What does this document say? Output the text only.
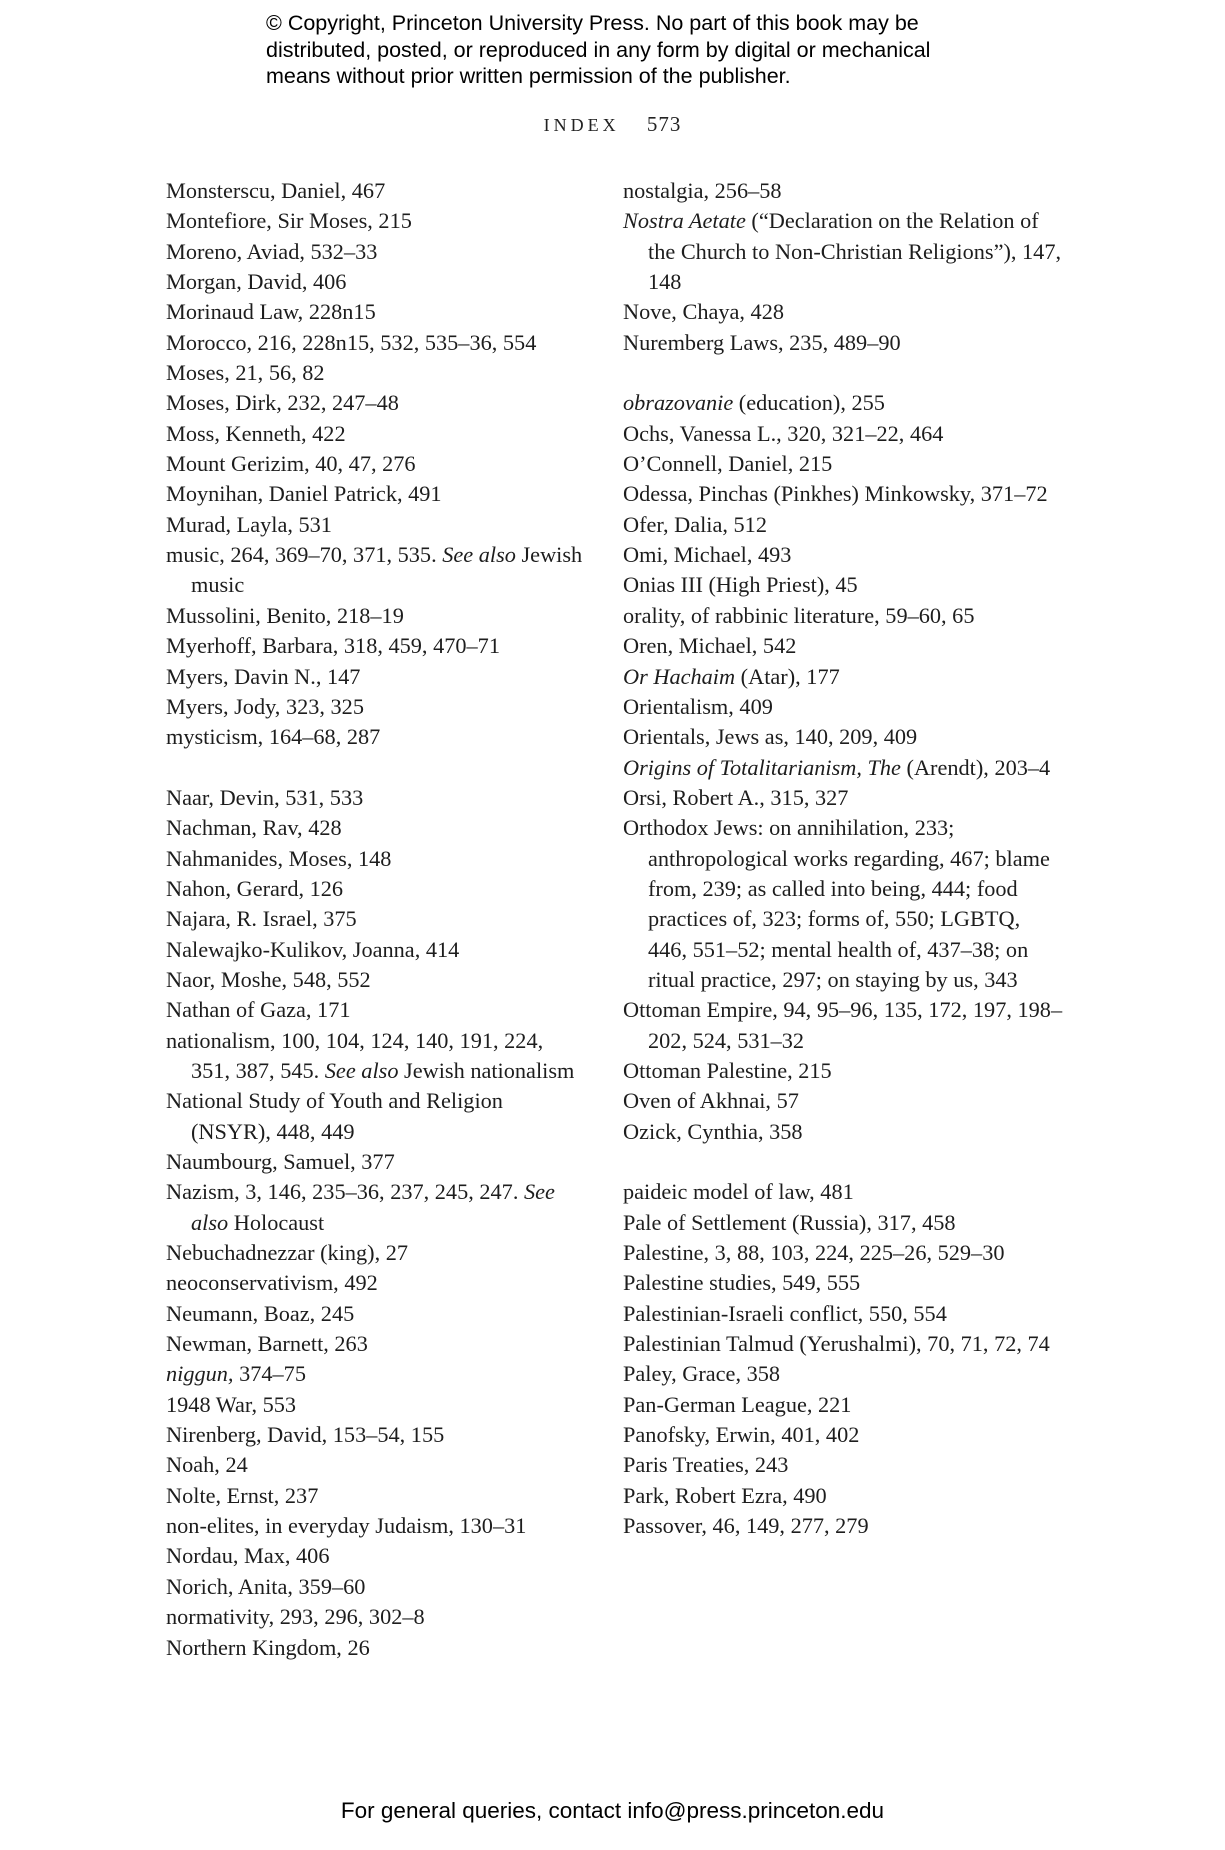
© Copyright, Princeton University Press. No part of this book may be
distributed, posted, or reproduced in any form by digital or mechanical
means without prior written permission of the publisher.
INDEX 573
Monsterscu, Daniel, 467
Montefiore, Sir Moses, 215
Moreno, Aviad, 532–33
Morgan, David, 406
Morinaud Law, 228n15
Morocco, 216, 228n15, 532, 535–36, 554
Moses, 21, 56, 82
Moses, Dirk, 232, 247–48
Moss, Kenneth, 422
Mount Gerizim, 40, 47, 276
Moynihan, Daniel Patrick, 491
Murad, Layla, 531
music, 264, 369–70, 371, 535. See also Jewish music
Mussolini, Benito, 218–19
Myerhoff, Barbara, 318, 459, 470–71
Myers, Davin N., 147
Myers, Jody, 323, 325
mysticism, 164–68, 287
Naar, Devin, 531, 533
Nachman, Rav, 428
Nahmanides, Moses, 148
Nahon, Gerard, 126
Najara, R. Israel, 375
Nalewajko-Kulikov, Joanna, 414
Naor, Moshe, 548, 552
Nathan of Gaza, 171
nationalism, 100, 104, 124, 140, 191, 224, 351, 387, 545. See also Jewish nationalism
National Study of Youth and Religion (NSYR), 448, 449
Naumbourg, Samuel, 377
Nazism, 3, 146, 235–36, 237, 245, 247. See also Holocaust
Nebuchadnezzar (king), 27
neoconservativism, 492
Neumann, Boaz, 245
Newman, Barnett, 263
niggun, 374–75
1948 War, 553
Nirenberg, David, 153–54, 155
Noah, 24
Nolte, Ernst, 237
non-elites, in everyday Judaism, 130–31
Nordau, Max, 406
Norich, Anita, 359–60
normativity, 293, 296, 302–8
Northern Kingdom, 26
nostalgia, 256–58
Nostra Aetate (“Declaration on the Relation of the Church to Non-Christian Religions”), 147, 148
Nove, Chaya, 428
Nuremberg Laws, 235, 489–90
obrazovanie (education), 255
Ochs, Vanessa L., 320, 321–22, 464
O’Connell, Daniel, 215
Odessa, Pinchas (Pinkhes) Minkowsky, 371–72
Ofer, Dalia, 512
Omi, Michael, 493
Onias III (High Priest), 45
orality, of rabbinic literature, 59–60, 65
Oren, Michael, 542
Or Hachaim (Atar), 177
Orientalism, 409
Orientals, Jews as, 140, 209, 409
Origins of Totalitarianism, The (Arendt), 203–4
Orsi, Robert A., 315, 327
Orthodox Jews: on annihilation, 233; anthropological works regarding, 467; blame from, 239; as called into being, 444; food practices of, 323; forms of, 550; LGBTQ, 446, 551–52; mental health of, 437–38; on ritual practice, 297; on staying by us, 343
Ottoman Empire, 94, 95–96, 135, 172, 197, 198–202, 524, 531–32
Ottoman Palestine, 215
Oven of Akhnai, 57
Ozick, Cynthia, 358
paideic model of law, 481
Pale of Settlement (Russia), 317, 458
Palestine, 3, 88, 103, 224, 225–26, 529–30
Palestine studies, 549, 555
Palestinian-Israeli conflict, 550, 554
Palestinian Talmud (Yerushalmi), 70, 71, 72, 74
Paley, Grace, 358
Pan-German League, 221
Panofsky, Erwin, 401, 402
Paris Treaties, 243
Park, Robert Ezra, 490
Passover, 46, 149, 277, 279
For general queries, contact info@press.princeton.edu
